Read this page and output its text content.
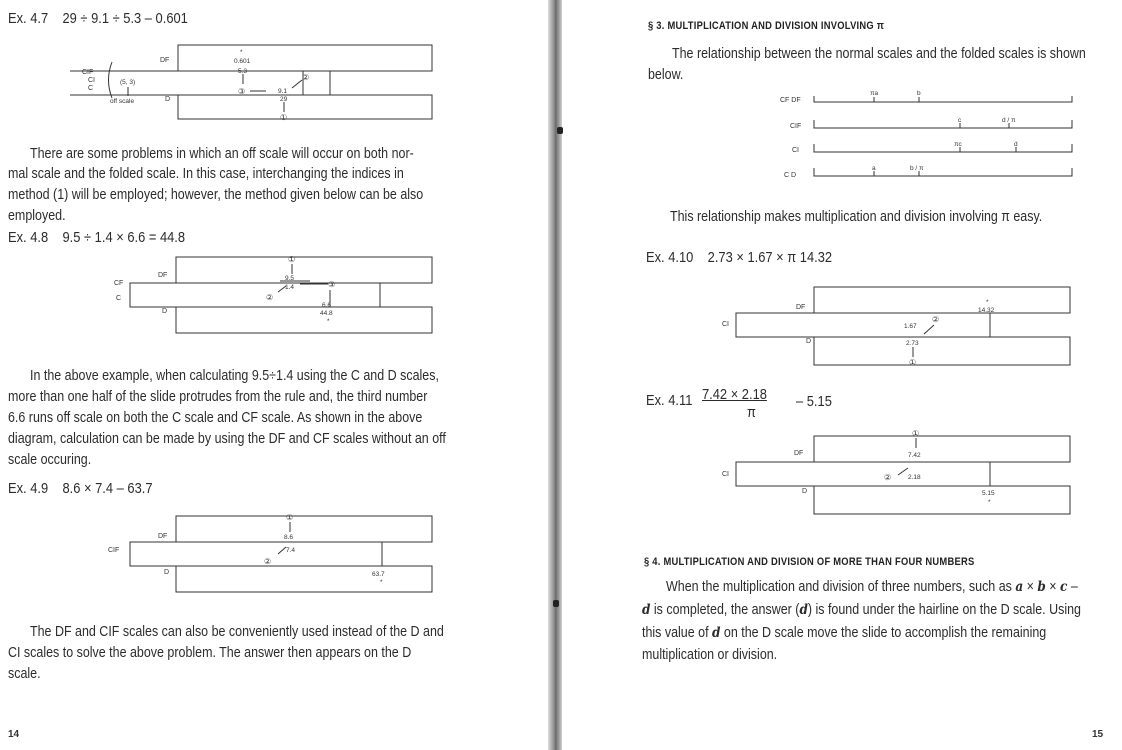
Ex. 4.7 29 ÷ 9.1 ÷ 5.3 – 0.601
DF
CIF
CI
C
D
(5, 3)
off scale
*
0.601
5.3
③	9.1
②
29
①
There are some problems in which an off scale will occur on both nor-
mal scale and the folded scale. In this case, interchanging the indices in
method (1) will be employed; however, the method given below can be also
employed.
Ex. 4.8 9.5 ÷ 1.4 × 6.6 = 44.8
DF
CF
C
D
①
9.5
1.4	③
②
6.6
44.8
*
In the above example, when calculating 9.5÷1.4 using the C and D scales,
more than one half of the slide protrudes from the rule and, the third number
6.6 runs off scale on both the C scale and CF scale. As shown in the above
diagram, calculation can be made by using the DF and CF scales without an off
scale occuring.
Ex. 4.9 8.6 × 7.4 – 63.7
DF
CIF
D
①
8.6
7.4
②
63.7
*
The DF and CIF scales can also be conveniently used instead of the D and
CI scales to solve the above problem. The answer then appears on the D
scale.
14
§ 3. MULTIPLICATION AND DIVISION INVOLVING π
The relationship between the normal scales and the folded scales is shown
below.
CF DF
CIF
CI
C D
πa	b
c	d / π
πc	d
a	b / π
This relationship makes multiplication and division involving π easy.
Ex. 4.10 2.73 × 1.67 × π 14.32
DF
CI
D
*
14.32
②
1.67
2.73
①
Ex. 4.11 7.42 × 2.18
π
– 5.15
DF
CI
D
①
7.42
②	2.18
5.15
*
§ 4. MULTIPLICATION AND DIVISION OF MORE THAN FOUR NUMBERS
When the multiplication and division of three numbers, such as a × b × c –
d is completed, the answer (d) is found under the hairline on the D scale. Using
this value of d on the D scale move the slide to accomplish the remaining
multiplication or division.
15
